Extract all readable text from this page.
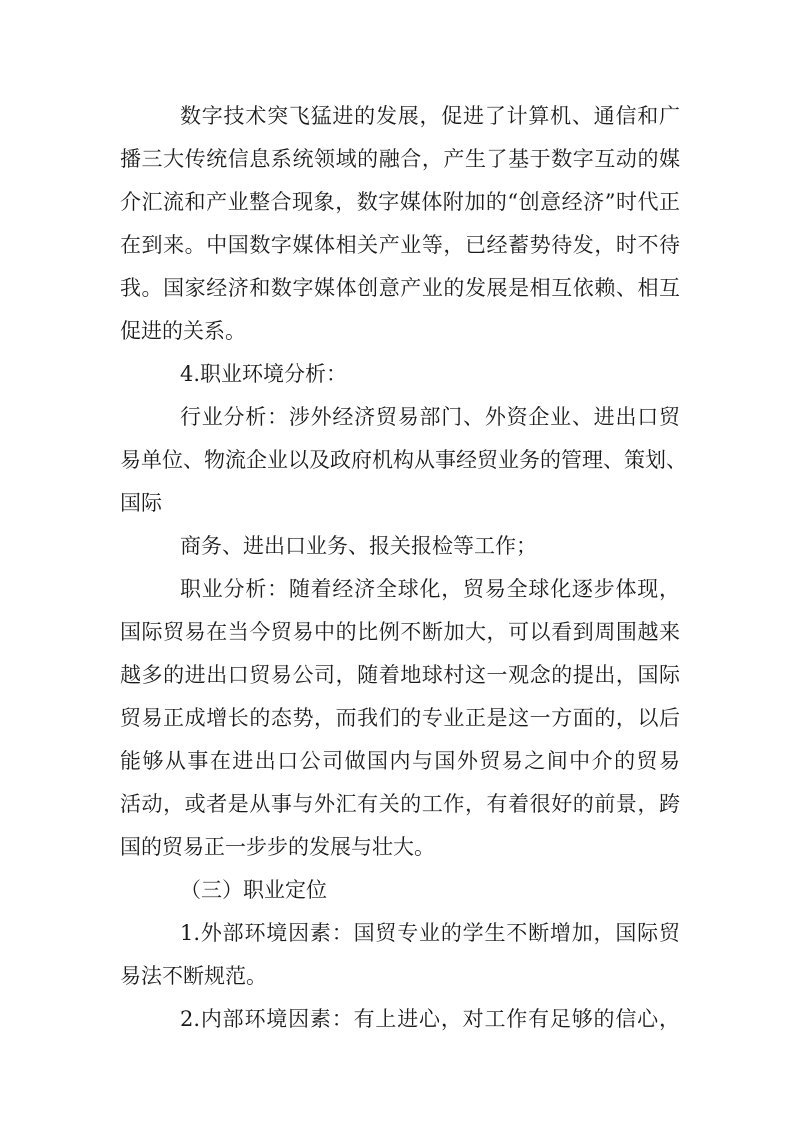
数字技术突飞猛进的发展，促进了计算机、通信和广
播三大传统信息系统领域的融合，产生了基于数字互动的媒
介汇流和产业整合现象，数字媒体附加的“创意经济”时代正
在到来。中国数字媒体相关产业等，已经蓄势待发，时不待
我。国家经济和数字媒体创意产业的发展是相互依赖、相互
促进的关系。
4.职业环境分析：
行业分析：涉外经济贸易部门、外资企业、进出口贸
易单位、物流企业以及政府机构从事经贸业务的管理、策划、
国际
商务、进出口业务、报关报检等工作；
职业分析：随着经济全球化，贸易全球化逐步体现，
国际贸易在当今贸易中的比例不断加大，可以看到周围越来
越多的进出口贸易公司，随着地球村这一观念的提出，国际
贸易正成增长的态势，而我们的专业正是这一方面的，以后
能够从事在进出口公司做国内与国外贸易之间中介的贸易
活动，或者是从事与外汇有关的工作，有着很好的前景，跨
国的贸易正一步步的发展与壮大。
（三）职业定位
1.外部环境因素：国贸专业的学生不断增加，国际贸
易法不断规范。
2.内部环境因素：有上进心，对工作有足够的信心，
